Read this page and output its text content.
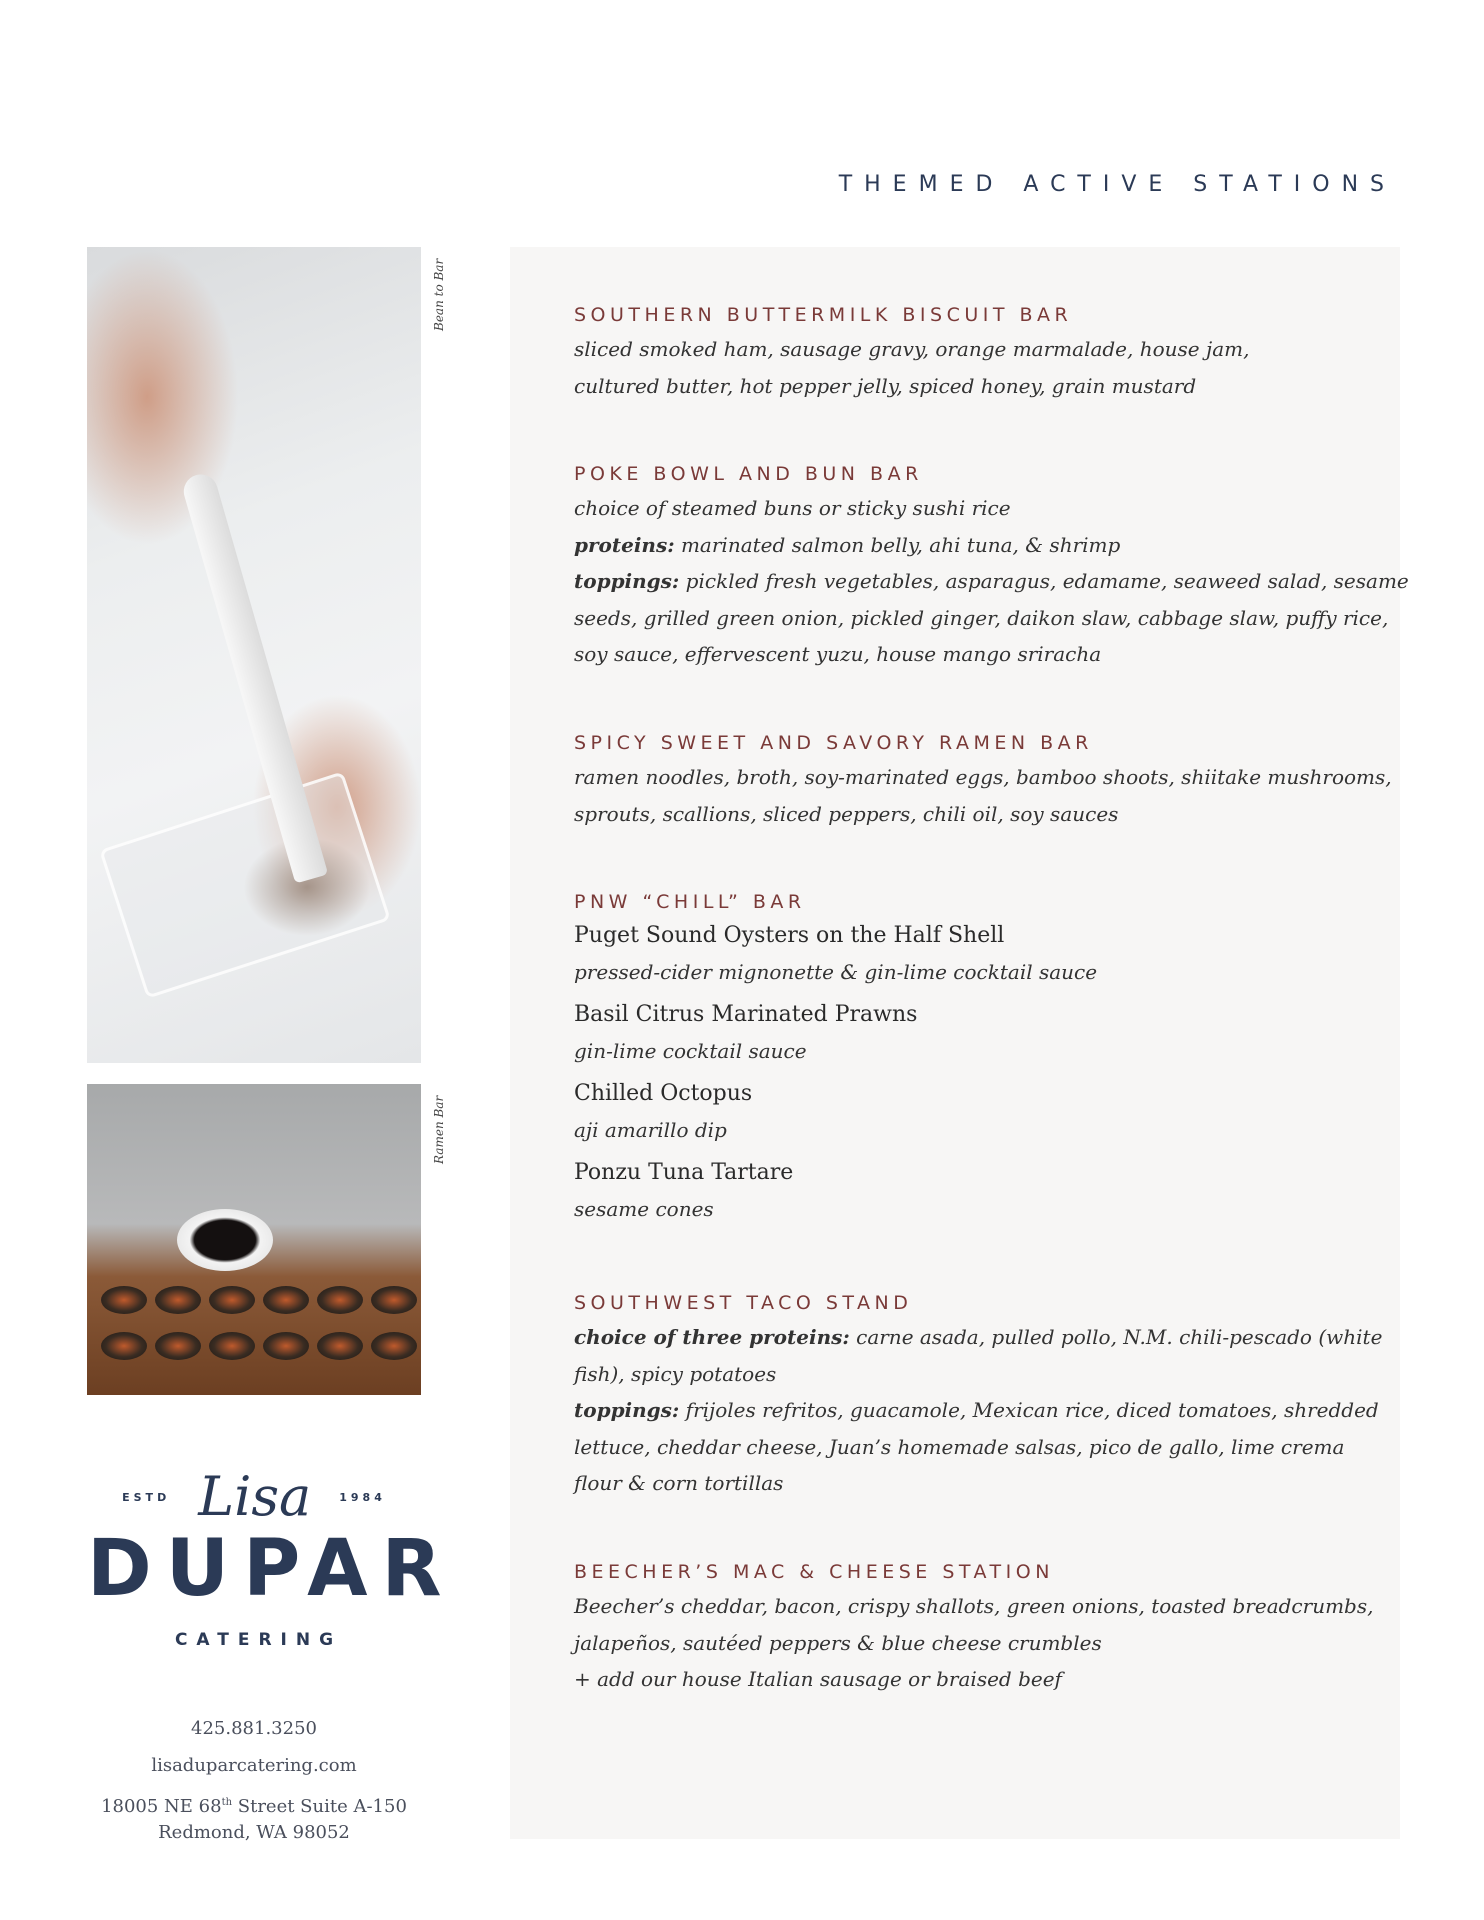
THEMED ACTIVE STATIONS
Bean to Bar
Ramen Bar
ESTD Lisa	1984
DUPAR
CATERING
425.881.3250
lisaduparcatering.com
18005 NE 68th Street Suite A-150
Redmond, WA 98052
SOUTHERN BUTTERMILK BISCUIT BAR
sliced smoked ham, sausage gravy, orange marmalade, house jam,
cultured butter, hot pepper jelly, spiced honey, grain mustard
POKE BOWL AND BUN BAR
choice of steamed buns or sticky sushi rice
proteins: marinated salmon belly, ahi tuna, & shrimp
toppings: pickled fresh vegetables, asparagus, edamame, seaweed salad, sesame
seeds, grilled green onion, pickled ginger, daikon slaw, cabbage slaw, puffy rice,
soy sauce, effervescent yuzu, house mango sriracha
SPICY SWEET AND SAVORY RAMEN BAR
ramen noodles, broth, soy-marinated eggs, bamboo shoots, shiitake mushrooms,
sprouts, scallions, sliced peppers, chili oil, soy sauces
PNW “CHILL” BAR
Puget Sound Oysters on the Half Shell
pressed-cider mignonette & gin-lime cocktail sauce
Basil Citrus Marinated Prawns
gin-lime cocktail sauce
Chilled Octopus
aji amarillo dip
Ponzu Tuna Tartare
sesame cones
SOUTHWEST TACO STAND
choice of three proteins: carne asada, pulled pollo, N.M. chili-pescado (white
fish), spicy potatoes
toppings: frijoles refritos, guacamole, Mexican rice, diced tomatoes, shredded
lettuce, cheddar cheese, Juan’s homemade salsas, pico de gallo, lime crema
flour & corn tortillas
BEECHER’S MAC & CHEESE STATION
Beecher’s cheddar, bacon, crispy shallots, green onions, toasted breadcrumbs,
jalapeños, sautéed peppers & blue cheese crumbles
+ add our house Italian sausage or braised beef
